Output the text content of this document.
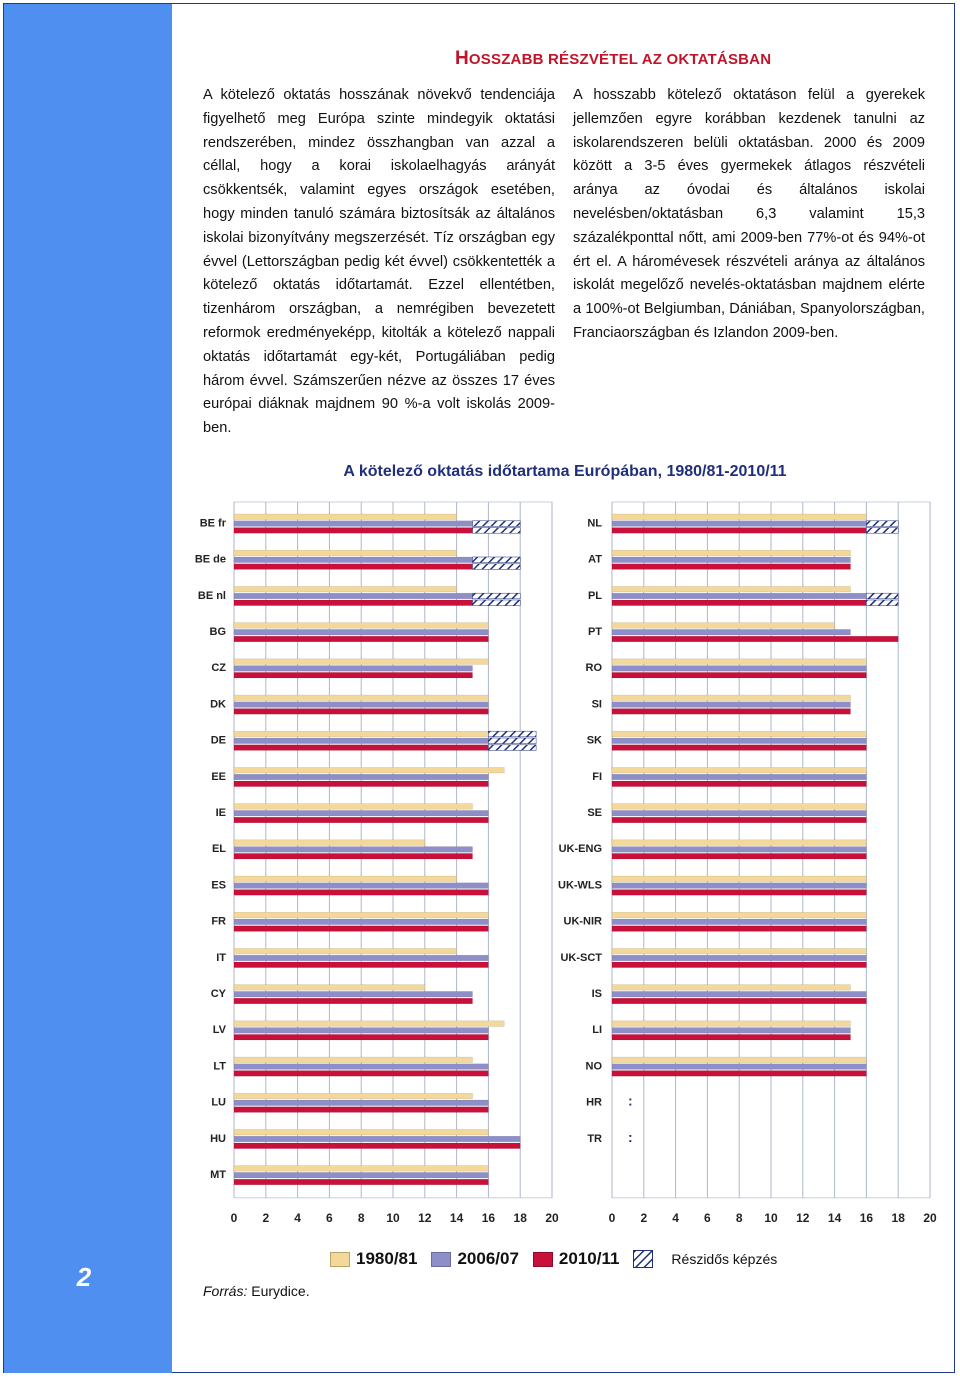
2
HOSSZABB RÉSZVÉTEL AZ OKTATÁSBAN

A kötelező oktatás hosszának növekvő tendenciája figyelhető meg Európa szinte mindegyik oktatási rendszerében, mindez összhangban van azzal a céllal, hogy a korai iskolaelhagyás arányát csökkentsék, valamint egyes országok esetében, hogy minden tanuló számára biztosítsák az általános iskolai bizonyítvány megszerzését. Tíz országban egy évvel (Lettországban pedig két évvel) csökkentették a kötelező oktatás időtartamát. Ezzel ellentétben, tizenhárom országban, a nemrégiben bevezetett reformok eredményeképp, kitolták a kötelező nappali oktatás időtartamát egy-két, Portugáliában pedig három évvel. Számszerűen nézve az összes 17 éves európai diáknak majdnem 90 %-a volt iskolás 2009-ben.

A hosszabb kötelező oktatáson felül a gyerekek jellemzően egyre korábban kezdenek tanulni az iskolarendszeren belüli oktatásban. 2000 és 2009 között a 3-5 éves gyermekek átlagos részvételi aránya az óvodai és általános iskolai nevelésben/oktatásban 6,3 valamint 15,3 százalékponttal nőtt, ami 2009-ben 77%-ot és 94%-ot ért el. A háromévesek részvételi aránya az általános iskolát megelőző nevelés-oktatásban majdnem elérte a 100%-ot Belgiumban, Dániában, Spanyolországban, Franciaországban és Izlandon 2009-ben.

A kötelező oktatás időtartama Európában, 1980/81-2010/11
0 2 4 6 8 10 12 14 16 18 20
BE fr
BE de
BE nl
BG
CZ
DK
DE
EE
IE
EL
ES
FR
IT
CY
LV
LT
LU
HU
MT
0 2 4 6 8 10 12 14 16 18 20
NL
AT
PL
PT
RO
SI
SK
FI
SE
UK-ENG
UK-WLS
UK-NIR
UK-SCT
IS
LI
NO
HR :
TR :
1980/81 2006/07 2010/11	Részidős képzés
Forrás: Eurydice.
